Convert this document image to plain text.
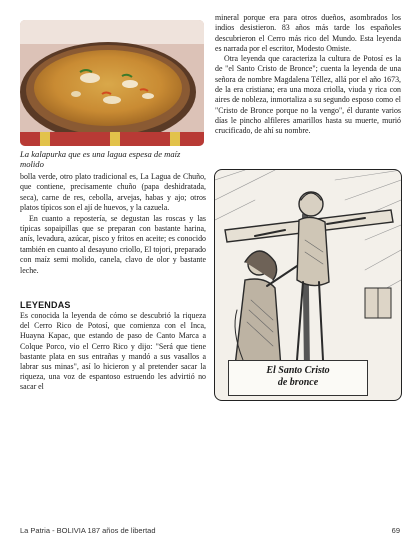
La kalapurka que es una lagua espesa de maíz molido

bolla verde, otro plato tradicional es, La Lagua de Chuño, que contiene, precisamente chuño (papa deshidratada, seca), carne de res, cebolla, arvejas, habas y ajo; otros platos típicos son el ají de huevos, y la cazuela.

En cuanto a repostería, se degustan las roscas y las típicas sopaipillas que se preparan con bastante harina, anís, levadura, azúcar, pisco y fritos en aceite; es conocido también en cuanto al desayuno criollo, El tojori, preparado con maíz semi molido, canela, clavo de olor y bastante leche.

LEYENDAS

Es conocida la leyenda de cómo se descubrió la riqueza del Cerro Rico de Potosí, que comienza con el Inca, Huayna Kapac, que estando de paso de Canto Marca a Colque Porco, vio el Cerro Rico y dijo: "Será que tiene bastante plata en sus entrañas y mandó a sus vasallos a labrar sus minas", así lo hicieron y al pretender sacar la riqueza, una voz de espantoso estruendo les advirtió no sacar el

mineral porque era para otros dueños, asombrados los indios desistieron. 83 años más tarde los españoles descubrieron el Cerro más rico del Mundo. Esta leyenda es narrada por el escritor, Modesto Omiste.

Otra leyenda que caracteriza la cultura de Potosí es la de "el Santo Cristo de Bronce"; cuenta la leyenda de una señora de nombre Magdalena Téllez, allá por el año 1673, de la era cristiana; era una moza criolla, viuda y rica con aires de nobleza, inmortaliza a su segundo esposo como el "Cristo de Bronce porque no la vengo", él durante varios días le pincho alfileres amarillos hasta su muerte, murió crucificado, de ahí su nombre.

El Santo Cristo
de bronce
La Patria - BOLIVIA 187 años de libertad	69
